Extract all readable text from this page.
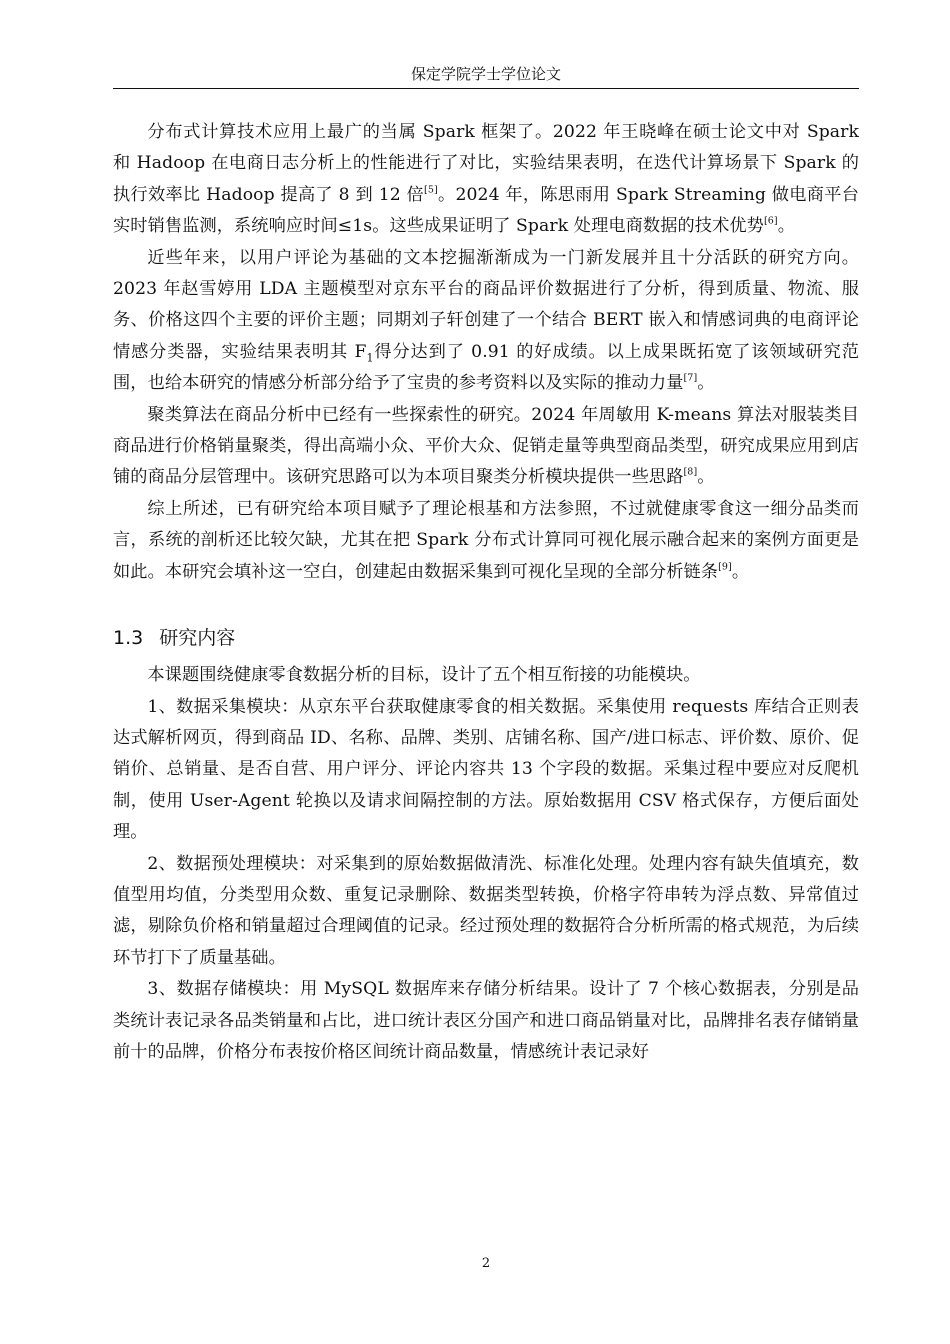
保定学院学士学位论文

分布式计算技术应用上最广的当属 Spark 框架了。2022 年王晓峰在硕士论文中对 Spark 和 Hadoop 在电商日志分析上的性能进行了对比，实验结果表明，在迭代计算场景下 Spark 的执行效率比 Hadoop 提高了 8 到 12 倍[5]。2024 年，陈思雨用 Spark Streaming 做电商平台实时销售监测，系统响应时间≤1s。这些成果证明了 Spark 处理电商数据的技术优势[6]。

近些年来，以用户评论为基础的文本挖掘渐渐成为一门新发展并且十分活跃的研究方向。2023 年赵雪婷用 LDA 主题模型对京东平台的商品评价数据进行了分析，得到质量、物流、服务、价格这四个主要的评价主题；同期刘子轩创建了一个结合 BERT 嵌入和情感词典的电商评论情感分类器，实验结果表明其 $F_1$得分达到了 0.91 的好成绩。以上成果既拓宽了该领域研究范围，也给本研究的情感分析部分给予了宝贵的参考资料以及实际的推动力量[7]。

聚类算法在商品分析中已经有一些探索性的研究。2024 年周敏用 K-means 算法对服装类目商品进行价格销量聚类，得出高端小众、平价大众、促销走量等典型商品类型，研究成果应用到店铺的商品分层管理中。该研究思路可以为本项目聚类分析模块提供一些思路[8]。

综上所述，已有研究给本项目赋予了理论根基和方法参照，不过就健康零食这一细分品类而言，系统的剖析还比较欠缺，尤其在把 Spark 分布式计算同可视化展示融合起来的案例方面更是如此。本研究会填补这一空白，创建起由数据采集到可视化呈现的全部分析链条[9]。

1.3 研究内容

本课题围绕健康零食数据分析的目标，设计了五个相互衔接的功能模块。

1、数据采集模块：从京东平台获取健康零食的相关数据。采集使用 requests 库结合正则表达式解析网页，得到商品 ID、名称、品牌、类别、店铺名称、国产/进口标志、评价数、原价、促销价、总销量、是否自营、用户评分、评论内容共 13 个字段的数据。采集过程中要应对反爬机制，使用 User-Agent 轮换以及请求间隔控制的方法。原始数据用 CSV 格式保存，方便后面处理。

2、数据预处理模块：对采集到的原始数据做清洗、标准化处理。处理内容有缺失值填充，数值型用均值，分类型用众数、重复记录删除、数据类型转换，价格字符串转为浮点数、异常值过滤，剔除负价格和销量超过合理阈值的记录。经过预处理的数据符合分析所需的格式规范，为后续环节打下了质量基础。

3、数据存储模块：用 MySQL 数据库来存储分析结果。设计了 7 个核心数据表，分别是品类统计表记录各品类销量和占比，进口统计表区分国产和进口商品销量对比，品牌排名表存储销量前十的品牌，价格分布表按价格区间统计商品数量，情感统计表记录好

2
